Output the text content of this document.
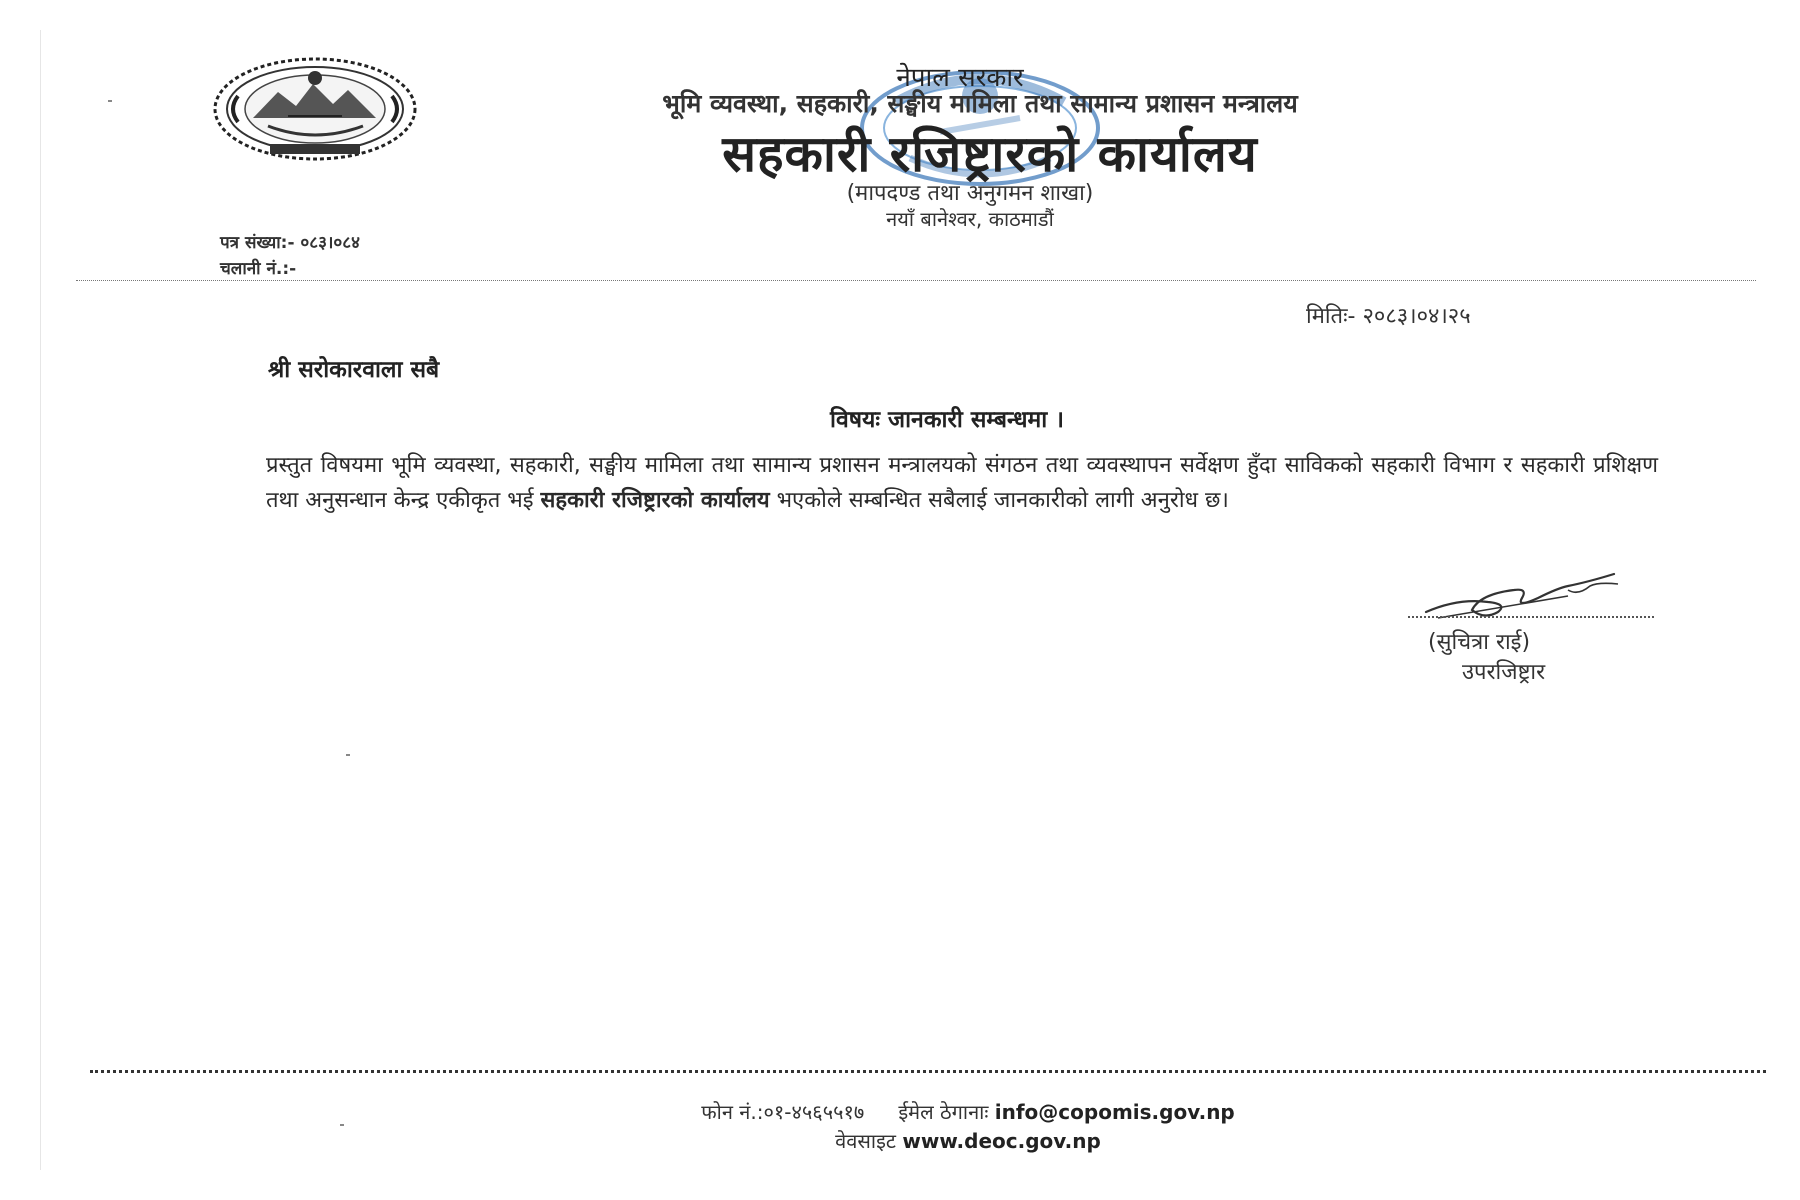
नेपाल सरकार
भूमि व्यवस्था, सहकारी, सङ्घीय मामिला तथा सामान्य प्रशासन मन्त्रालय
सहकारी रजिष्ट्रारको कार्यालय
(मापदण्ड तथा अनुगमन शाखा)
नयाँ बानेश्वर, काठमाडौं
पत्र संख्या:- ०८३।०८४
चलानी नं.:-
मितिः- २०८३।०४।२५
श्री सरोकारवाला सबै
विषयः जानकारी सम्बन्धमा ।
प्रस्तुत विषयमा भूमि व्यवस्था, सहकारी, सङ्घीय मामिला तथा सामान्य प्रशासन मन्त्रालयको संगठन तथा व्यवस्थापन सर्वेक्षण हुँदा साविकको सहकारी विभाग र सहकारी प्रशिक्षण तथा अनुसन्धान केन्द्र एकीकृत भई सहकारी रजिष्ट्रारको कार्यालय भएकोले सम्बन्धित सबैलाई जानकारीको लागी अनुरोध छ।
(सुचित्रा राई)
उपरजिष्ट्रार
फोन नं.:०१-४५६५५१७ ईमेल ठेगानाः info@copomis.gov.np
वेवसाइट www.deoc.gov.np
